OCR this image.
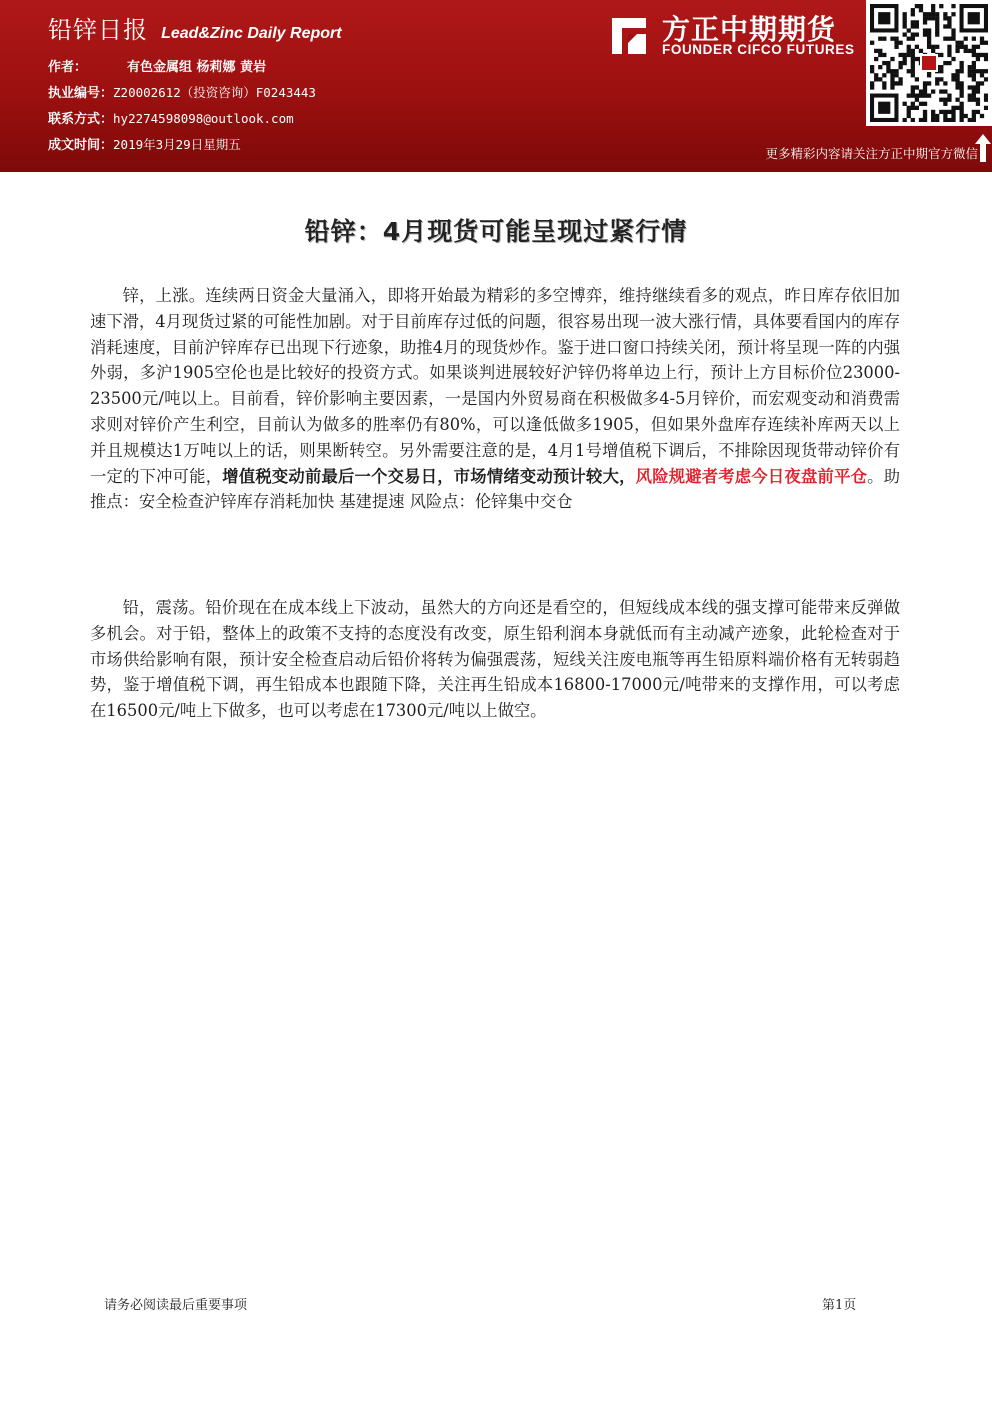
铅锌日报 Lead&Zinc Daily Report
作者：	有色金属组 杨莉娜 黄岩
执业编号：Z20002612（投资咨询）F0243443
联系方式：hy2274598098@outlook.com
成文时间：2019年3月29日星期五
方正中期期货
FOUNDER CIFCO FUTURES
更多精彩内容请关注方正中期官方微信
铅锌：4月现货可能呈现过紧行情
锌，上涨。连续两日资金大量涌入，即将开始最为精彩的多空博弈，维持继续看多的观点，昨日库存依旧加速下滑，4月现货过紧的可能性加剧。对于目前库存过低的问题，很容易出现一波大涨行情，具体要看国内的库存消耗速度，目前沪锌库存已出现下行迹象，助推4月的现货炒作。鉴于进口窗口持续关闭，预计将呈现一阵的内强外弱，多沪1905空伦也是比较好的投资方式。如果谈判进展较好沪锌仍将单边上行，预计上方目标价位23000-23500元/吨以上。目前看，锌价影响主要因素，一是国内外贸易商在积极做多4-5月锌价，而宏观变动和消费需求则对锌价产生利空，目前认为做多的胜率仍有80%，可以逢低做多1905，但如果外盘库存连续补库两天以上并且规模达1万吨以上的话，则果断转空。另外需要注意的是，4月1号增值税下调后，不排除因现货带动锌价有一定的下冲可能，增值税变动前最后一个交易日，市场情绪变动预计较大，风险规避者考虑今日夜盘前平仓。助推点：安全检查沪锌库存消耗加快 基建提速 风险点：伦锌集中交仓
铅，震荡。铅价现在在成本线上下波动，虽然大的方向还是看空的，但短线成本线的强支撑可能带来反弹做多机会。对于铅，整体上的政策不支持的态度没有改变，原生铅利润本身就低而有主动减产迹象，此轮检查对于市场供给影响有限，预计安全检查启动后铅价将转为偏强震荡，短线关注废电瓶等再生铅原料端价格有无转弱趋势，鉴于增值税下调，再生铅成本也跟随下降，关注再生铅成本16800-17000元/吨带来的支撑作用，可以考虑在16500元/吨上下做多，也可以考虑在17300元/吨以上做空。
请务必阅读最后重要事项	第1页
